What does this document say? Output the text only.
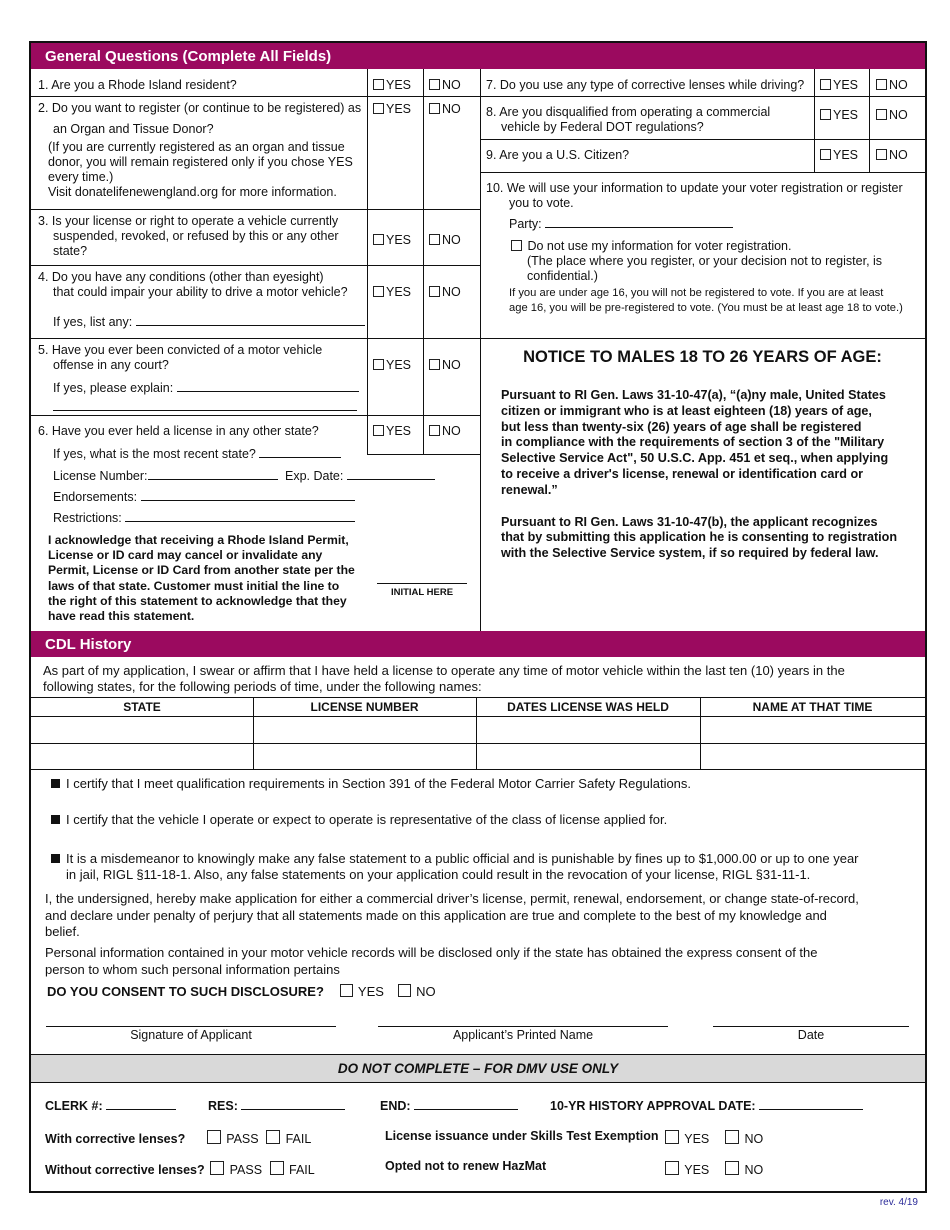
General Questions (Complete All Fields)
1. Are you a Rhode Island resident?	YES	NO
2. Do you want to register (or continue to be registered) as
an Organ and Tissue Donor?
(If you are currently registered as an organ and tissue
donor, you will remain registered only if you chose YES
every time.)
Visit donatelifenewengland.org for more information.
YES	NO
3. Is your license or right to operate a vehicle currently
suspended, revoked, or refused by this or any other
state?
YES	NO
4. Do you have any conditions (other than eyesight)
that could impair your ability to drive a motor vehicle?
If yes, list any:
YES	NO
5. Have you ever been convicted of a motor vehicle
offense in any court?
If yes, please explain:
YES	NO
6. Have you ever held a license in any other state?	YES	NO
If yes, what is the most recent state?
License Number:	Exp. Date:
Endorsements:
Restrictions:
I acknowledge that receiving a Rhode Island Permit,
License or ID card may cancel or invalidate any
Permit, License or ID Card from another state per the
laws of that state. Customer must initial the line to
the right of this statement to acknowledge that they
have read this statement.
INITIAL HERE
7. Do you use any type of corrective lenses while driving?	YES	NO
8. Are you disqualified from operating a commercial
vehicle by Federal DOT regulations?
YES	NO
9. Are you a U.S. Citizen?	YES	NO
10. We will use your information to update your voter registration or register
you to vote.
Party:
Do not use my information for voter registration.
(The place where you register, or your decision not to register, is
confidential.)
If you are under age 16, you will not be registered to vote. If you are at least
age 16, you will be pre-registered to vote. (You must be at least age 18 to vote.)
NOTICE TO MALES 18 TO 26 YEARS OF AGE:
Pursuant to RI Gen. Laws 31-10-47(a), “(a)ny male, United States
citizen or immigrant who is at least eighteen (18) years of age,
but less than twenty-six (26) years of age shall be registered
in compliance with the requirements of section 3 of the "Military
Selective Service Act", 50 U.S.C. App. 451 et seq., when applying
to receive a driver's license, renewal or identification card or
renewal.”
Pursuant to RI Gen. Laws 31-10-47(b), the applicant recognizes
that by submitting this application he is consenting to registration
with the Selective Service system, if so required by federal law.
CDL History
As part of my application, I swear or affirm that I have held a license to operate any time of motor vehicle within the last ten (10) years in the
following states, for the following periods of time, under the following names:
STATE	LICENSE NUMBER	DATES LICENSE WAS HELD	NAME AT THAT TIME
I certify that I meet qualification requirements in Section 391 of the Federal Motor Carrier Safety Regulations.
I certify that the vehicle I operate or expect to operate is representative of the class of license applied for.
It is a misdemeanor to knowingly make any false statement to a public official and is punishable by fines up to $1,000.00 or up to one year
in jail, RIGL §11-18-1. Also, any false statements on your application could result in the revocation of your license, RIGL §31-11-1.
I, the undersigned, hereby make application for either a commercial driver’s license, permit, renewal, endorsement, or change state-of-record,
and declare under penalty of perjury that all statements made on this application are true and complete to the best of my knowledge and
belief.
Personal information contained in your motor vehicle records will be disclosed only if the state has obtained the express consent of the
person to whom such personal information pertains
DO YOU CONSENT TO SUCH DISCLOSURE?	YES NO
Signature of Applicant	Applicant’s Printed Name	Date
DO NOT COMPLETE – FOR DMV USE ONLY
CLERK #:	RES:	END:	10-YR HISTORY APPROVAL DATE:
With corrective lenses?	PASS FAIL
Without corrective lenses? PASS FAIL
License issuance under Skills Test Exemption	YES	NO
Opted not to renew HazMat	YES	NO
rev. 4/19
